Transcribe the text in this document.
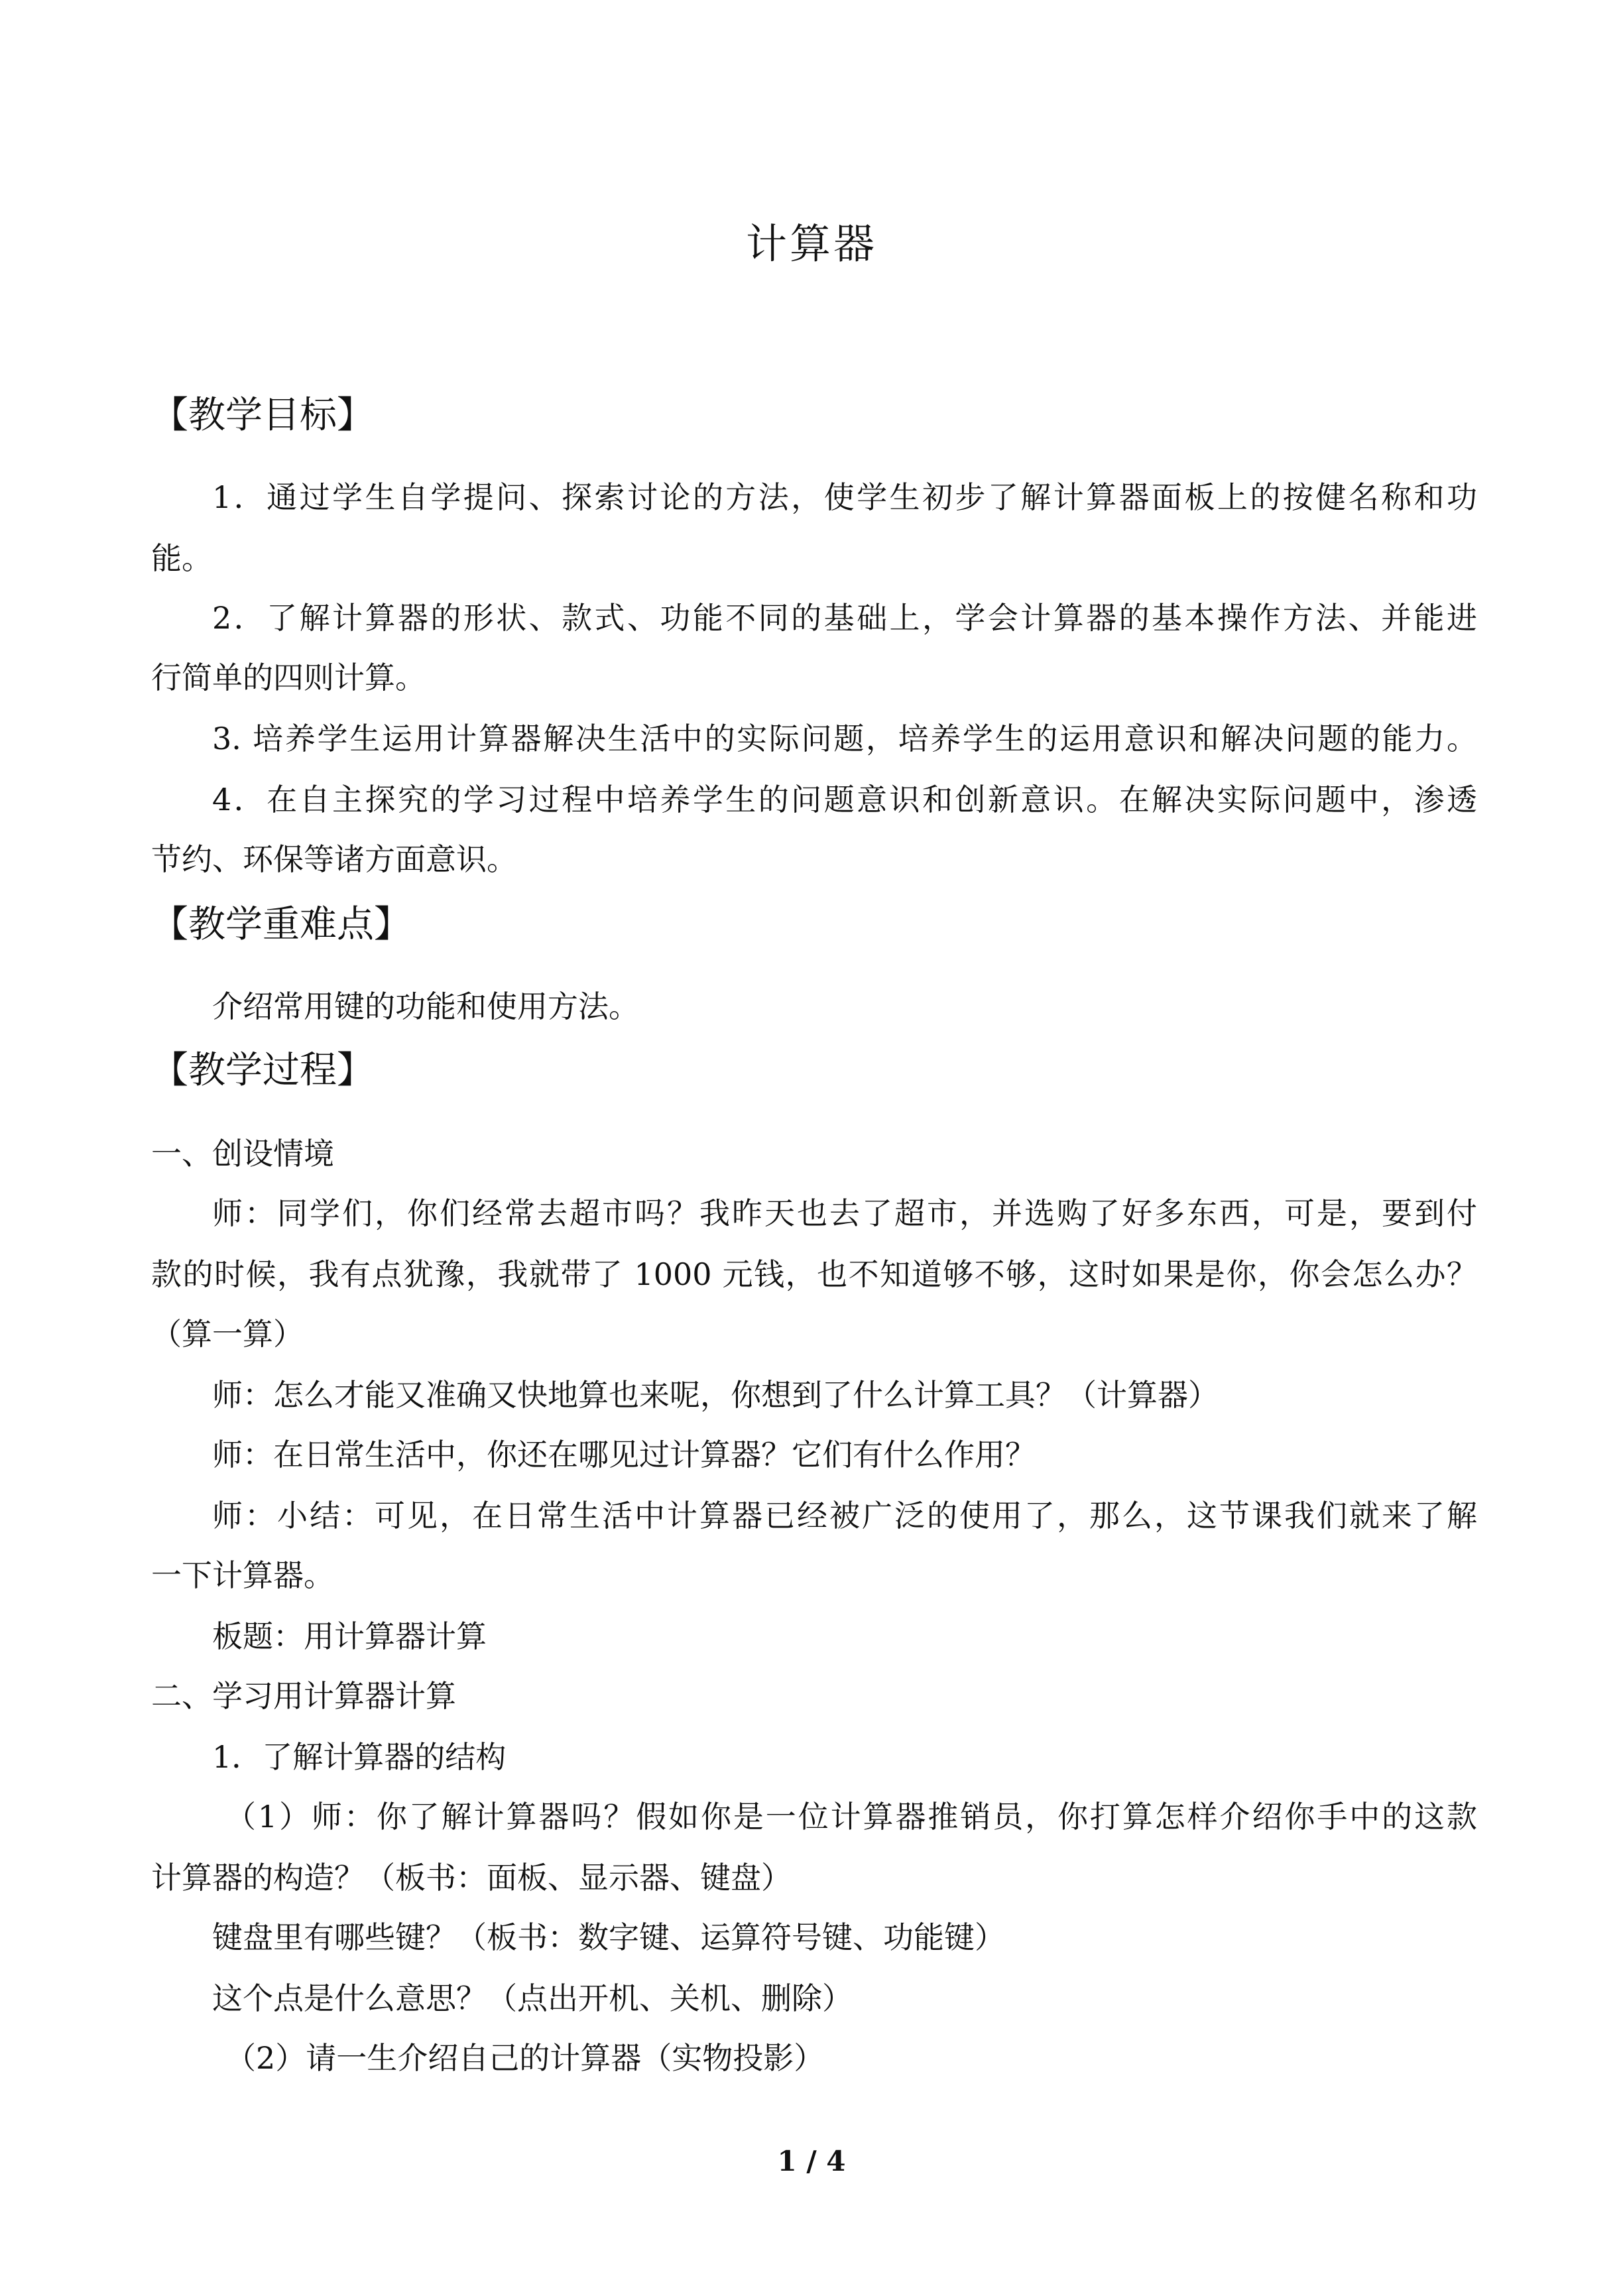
计算器
【教学目标】
1．通过学生自学提问、探索讨论的方法，使学生初步了解计算器面板上的按健名称和功
能。
2．了解计算器的形状、款式、功能不同的基础上，学会计算器的基本操作方法、并能进
行简单的四则计算。
3. 培养学生运用计算器解决生活中的实际问题，培养学生的运用意识和解决问题的能力。
4．在自主探究的学习过程中培养学生的问题意识和创新意识。在解决实际问题中，渗透
节约、环保等诸方面意识。
【教学重难点】
介绍常用键的功能和使用方法。
【教学过程】
一、创设情境
师：同学们，你们经常去超市吗？我昨天也去了超市，并选购了好多东西，可是，要到付
款的时候，我有点犹豫，我就带了 1000 元钱，也不知道够不够，这时如果是你，你会怎么办？
（算一算）
师：怎么才能又准确又快地算也来呢，你想到了什么计算工具？（计算器）
师：在日常生活中，你还在哪见过计算器？它们有什么作用？
师：小结：可见，在日常生活中计算器已经被广泛的使用了，那么，这节课我们就来了解
一下计算器。
板题：用计算器计算
二、学习用计算器计算
1．了解计算器的结构
（1）师：你了解计算器吗？假如你是一位计算器推销员，你打算怎样介绍你手中的这款
计算器的构造？（板书：面板、显示器、键盘）
键盘里有哪些键？（板书：数字键、运算符号键、功能键）
这个点是什么意思？（点出开机、关机、删除）
（2）请一生介绍自己的计算器（实物投影）
1 / 4
